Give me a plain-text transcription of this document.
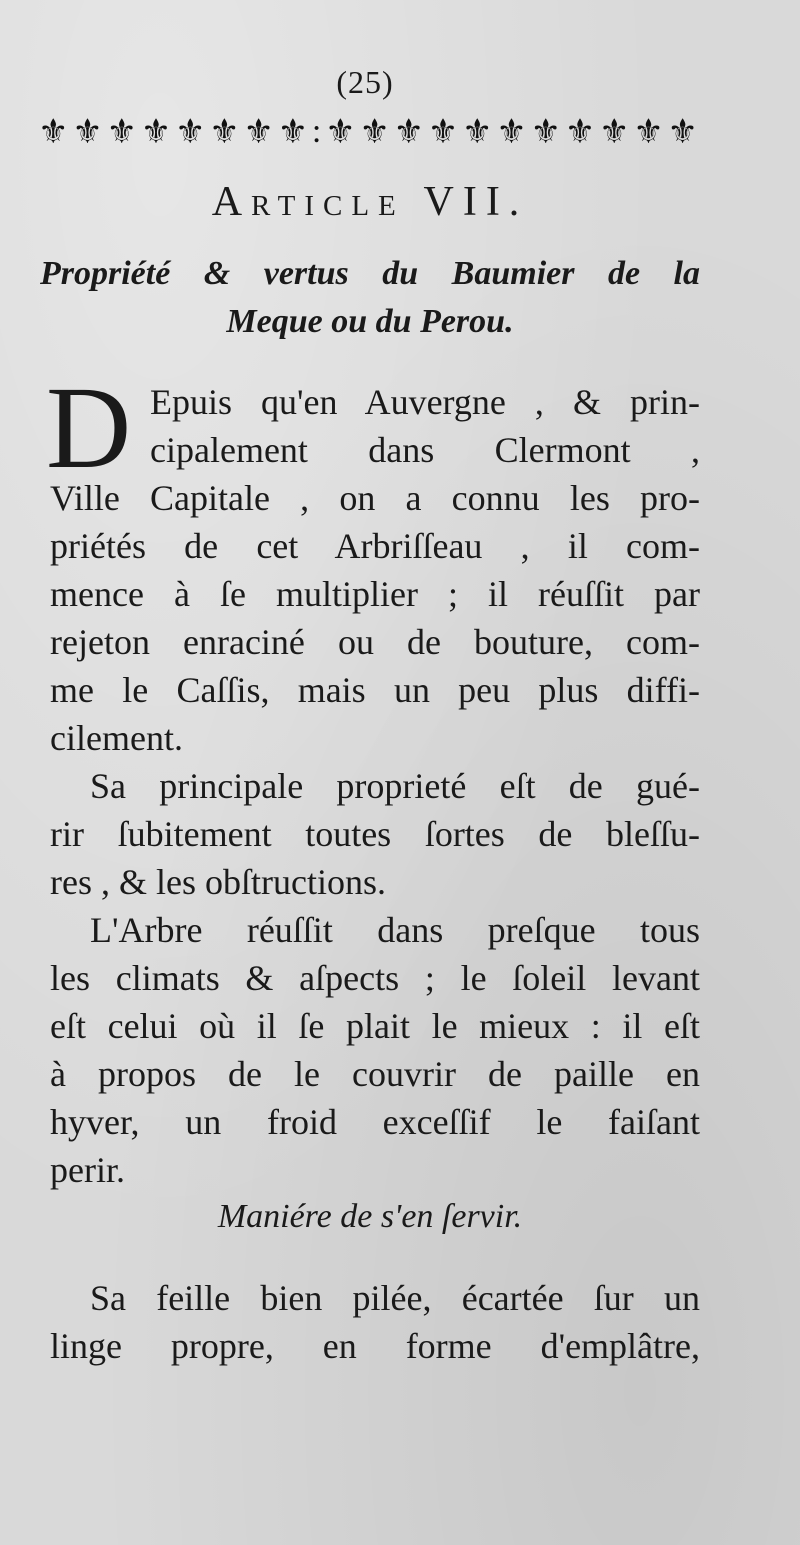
(25)
⚜ ⚜ ⚜ ⚜ ⚜ ⚜ ⚜ ⚜ : ⚜ ⚜ ⚜ ⚜ ⚜ ⚜ ⚜ ⚜ ⚜ ⚜ ⚜
Article VII.
Propriété & vertus du Baumier de la
Meque ou du Perou.
D Epuis qu'en Auvergne , & prin-
cipalement dans Clermont ,
Ville Capitale , on a connu les pro-
priétés de cet Arbriſſeau , il com-
mence à ſe multiplier ; il réuſſit par
rejeton enraciné ou de bouture, com-
me le Caſſis, mais un peu plus diffi-
cilement.
Sa principale proprieté eſt de gué-
rir ſubitement toutes ſortes de bleſſu-
res , & les obſtructions.
L'Arbre réuſſit dans preſque tous
les climats & aſpects ; le ſoleil levant
eſt celui où il ſe plait le mieux : il eſt
à propos de le couvrir de paille en
hyver, un froid exceſſif le faiſant
perir.
Maniére de s'en ſervir.
Sa feille bien pilée, écartée ſur un
linge propre, en forme d'emplâtre,
